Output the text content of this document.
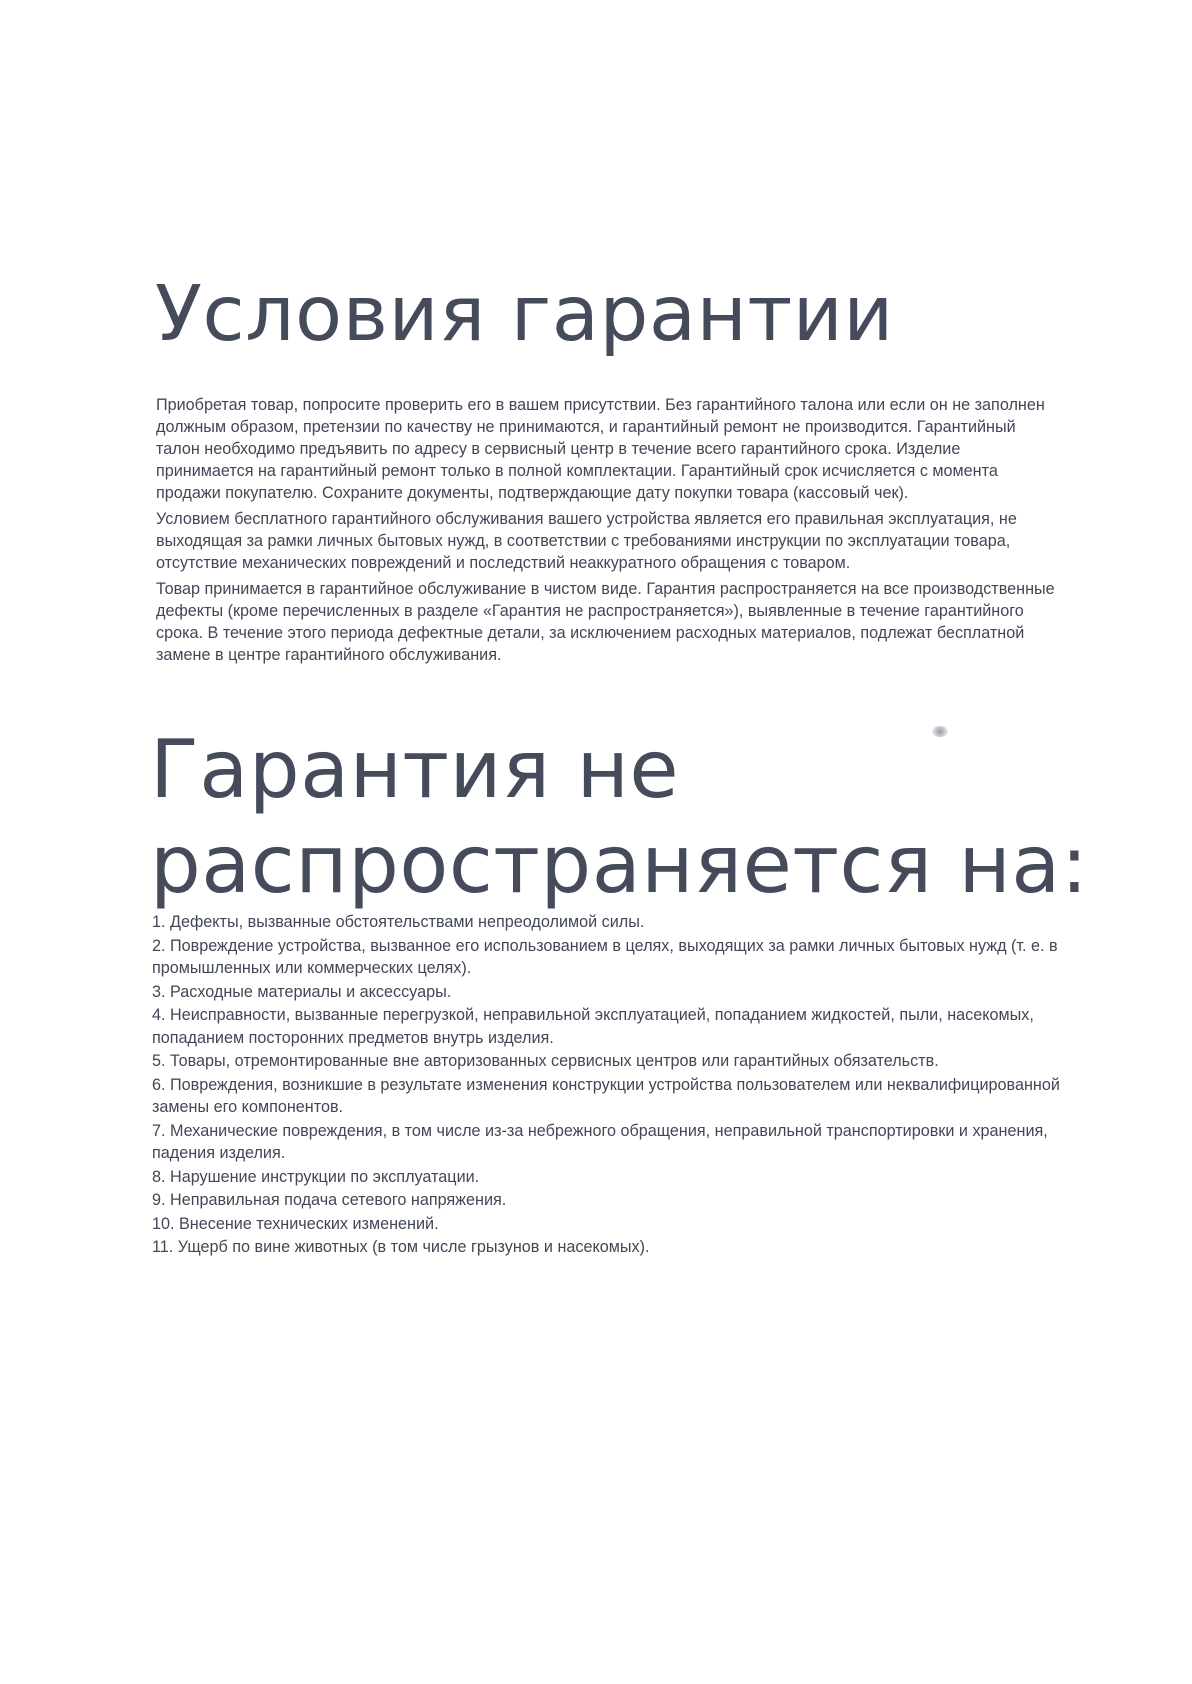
Условия гарантии

Приобретая товар, попросите проверить его в вашем присутствии. Без гарантийного талона или если он не заполнен должным образом, претензии по качеству не принимаются, и гарантийный ремонт не производится. Гарантийный талон необходимо предъявить по адресу в сервисный центр в течение всего гарантийного срока. Изделие принимается на гарантийный ремонт только в полной комплектации. Гарантийный срок исчисляется с момента продажи покупателю. Сохраните документы, подтверждающие дату покупки товара (кассовый чек).

Условием бесплатного гарантийного обслуживания вашего устройства является его правильная эксплуатация, не выходящая за рамки личных бытовых нужд, в соответствии с требованиями инструкции по эксплуатации товара, отсутствие механических повреждений и последствий неаккуратного обращения с товаром.

Товар принимается в гарантийное обслуживание в чистом виде. Гарантия распространяется на все производственные дефекты (кроме перечисленных в разделе «Гарантия не распространяется»), выявленные в течение гарантийного срока. В течение этого периода дефектные детали, за исключением расходных материалов, подлежат бесплатной замене в центре гарантийного обслуживания.

Гарантия не
распространяется на:
1. Дефекты, вызванные обстоятельствами непреодолимой силы.
2. Повреждение устройства, вызванное его использованием в целях, выходящих за рамки личных бытовых нужд (т. е. в промышленных или коммерческих целях).
3. Расходные материалы и аксессуары.
4. Неисправности, вызванные перегрузкой, неправильной эксплуатацией, попаданием жидкостей, пыли, насекомых, попаданием посторонних предметов внутрь изделия.
5. Товары, отремонтированные вне авторизованных сервисных центров или гарантийных обязательств.
6. Повреждения, возникшие в результате изменения конструкции устройства пользователем или неквалифицированной замены его компонентов.
7. Механические повреждения, в том числе из-за небрежного обращения, неправильной транспортировки и хранения, падения изделия.
8. Нарушение инструкции по эксплуатации.
9. Неправильная подача сетевого напряжения.
10. Внесение технических изменений.
11. Ущерб по вине животных (в том числе грызунов и насекомых).
